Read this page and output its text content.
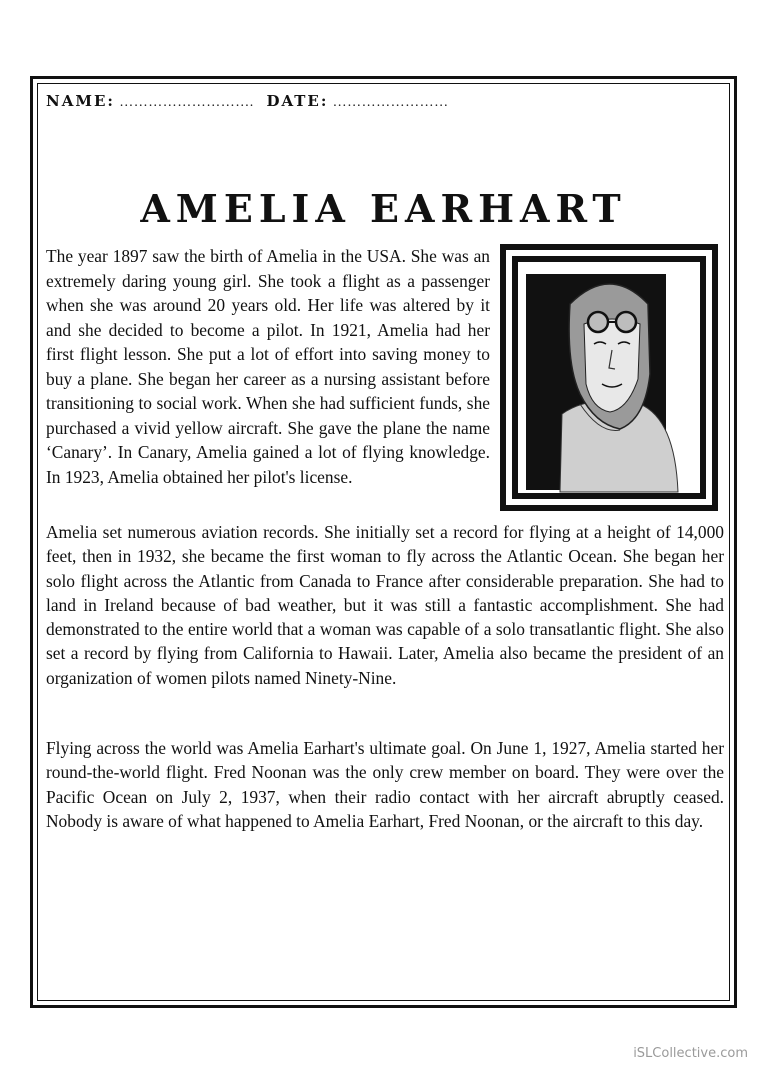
NAME: ………………………. DATE: ……………………
AMELIA EARHART
The year 1897 saw the birth of Amelia in the USA. She was an extremely daring young girl. She took a flight as a passenger when she was around 20 years old. Her life was altered by it and she decided to become a pilot. In 1921, Amelia had her first flight lesson. She put a lot of effort into saving money to buy a plane. She began her career as a nursing assistant before transitioning to social work. When she had sufficient funds, she purchased a vivid yellow aircraft. She gave the plane the name ‘Canary’. In Canary, Amelia gained a lot of flying knowledge. In 1923, Amelia obtained her pilot's license.
Amelia set numerous aviation records. She initially set a record for flying at a height of 14,000 feet, then in 1932, she became the first woman to fly across the Atlantic Ocean. She began her solo flight across the Atlantic from Canada to France after considerable preparation. She had to land in Ireland because of bad weather, but it was still a fantastic accomplishment. She had demonstrated to the entire world that a woman was capable of a solo transatlantic flight. She also set a record by flying from California to Hawaii. Later, Amelia also became the president of an organization of women pilots named Ninety-Nine.
Flying across the world was Amelia Earhart's ultimate goal. On June 1, 1927, Amelia started her round-the-world flight. Fred Noonan was the only crew member on board. They were over the Pacific Ocean on July 2, 1937, when their radio contact with her aircraft abruptly ceased. Nobody is aware of what happened to Amelia Earhart, Fred Noonan, or the aircraft to this day.
iSLCollective.com
